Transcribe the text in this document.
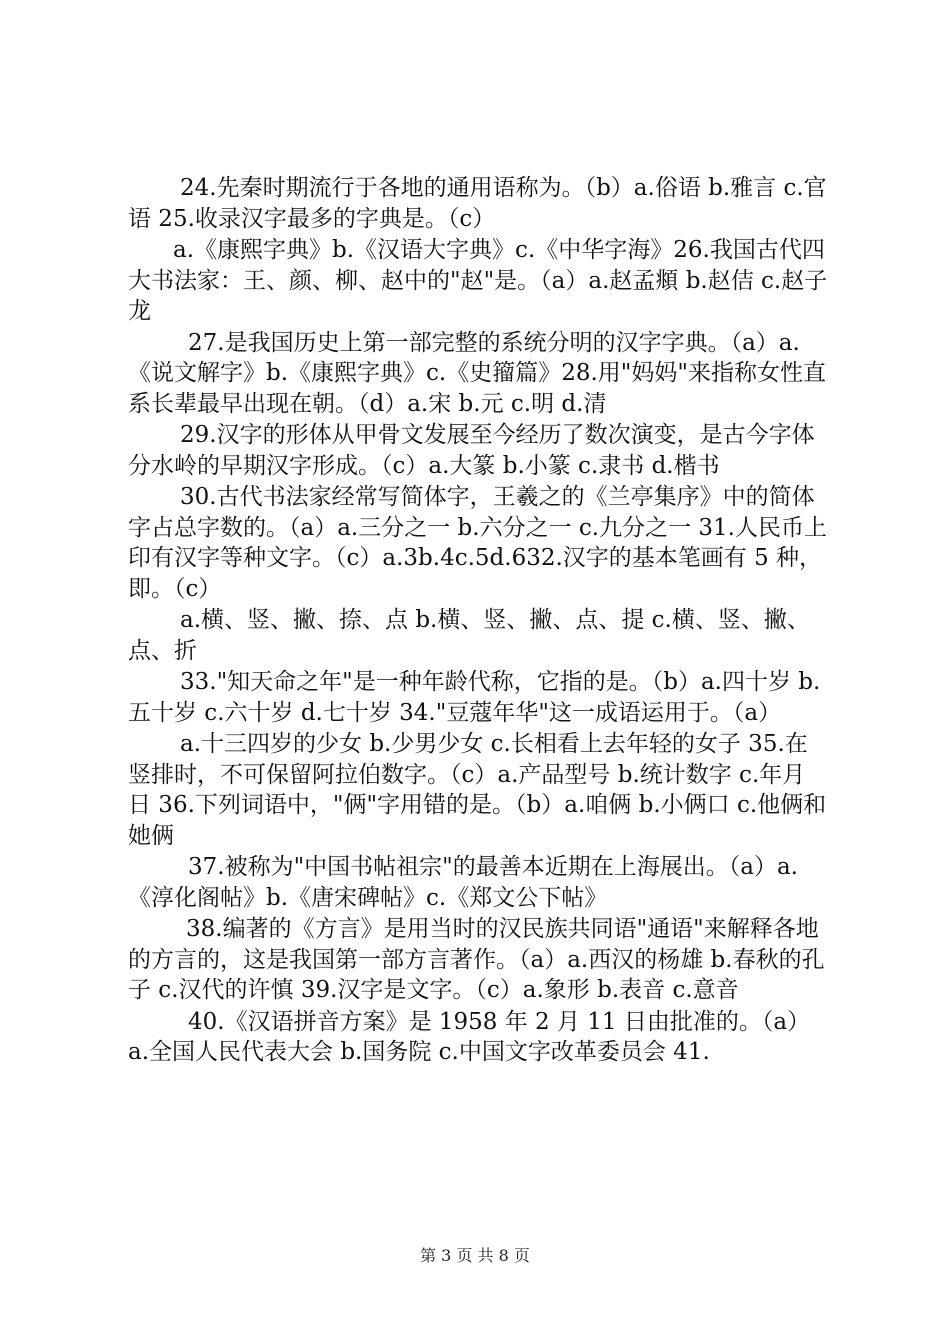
24.先秦时期流行于各地的通用语称为。（b）a.俗语 b.雅言 c.官语 25.收录汉字最多的字典是。（c）

a.《康熙字典》b.《汉语大字典》c.《中华字海》26.我国古代四大书法家：王、颜、柳、赵中的"赵"是。（a）a.赵孟頫 b.赵佶 c.赵子龙

27.是我国历史上第一部完整的系统分明的汉字字典。（a）a.《说文解字》b.《康熙字典》c.《史籀篇》28.用"妈妈"来指称女性直系长辈最早出现在朝。（d）a.宋 b.元 c.明 d.清

29.汉字的形体从甲骨文发展至今经历了数次演变，是古今字体分水岭的早期汉字形成。（c）a.大篆 b.小篆 c.隶书 d.楷书

30.古代书法家经常写简体字，王羲之的《兰亭集序》中的简体字占总字数的。（a）a.三分之一 b.六分之一 c.九分之一 31.人民币上印有汉字等种文字。（c）a.3b.4c.5d.632.汉字的基本笔画有 5 种，即。（c）

a.横、竖、撇、捺、点 b.横、竖、撇、点、提 c.横、竖、撇、点、折

33."知天命之年"是一种年龄代称，它指的是。（b）a.四十岁 b.五十岁 c.六十岁 d.七十岁 34."豆蔻年华"这一成语运用于。（a）

a.十三四岁的少女 b.少男少女 c.长相看上去年轻的女子 35.在竖排时，不可保留阿拉伯数字。（c）a.产品型号 b.统计数字 c.年月日 36.下列词语中，"俩"字用错的是。（b）a.咱俩 b.小俩口 c.他俩和她俩

37.被称为"中国书帖祖宗"的最善本近期在上海展出。（a）a.《淳化阁帖》b.《唐宋碑帖》c.《郑文公下帖》

38.编著的《方言》是用当时的汉民族共同语"通语"来解释各地的方言的，这是我国第一部方言著作。（a）a.西汉的杨雄 b.春秋的孔子 c.汉代的许慎 39.汉字是文字。（c）a.象形 b.表音 c.意音

40.《汉语拼音方案》是 1958 年 2 月 11 日由批准的。（a）a.全国人民代表大会 b.国务院 c.中国文字改革委员会 41.

第 3 页 共 8 页
